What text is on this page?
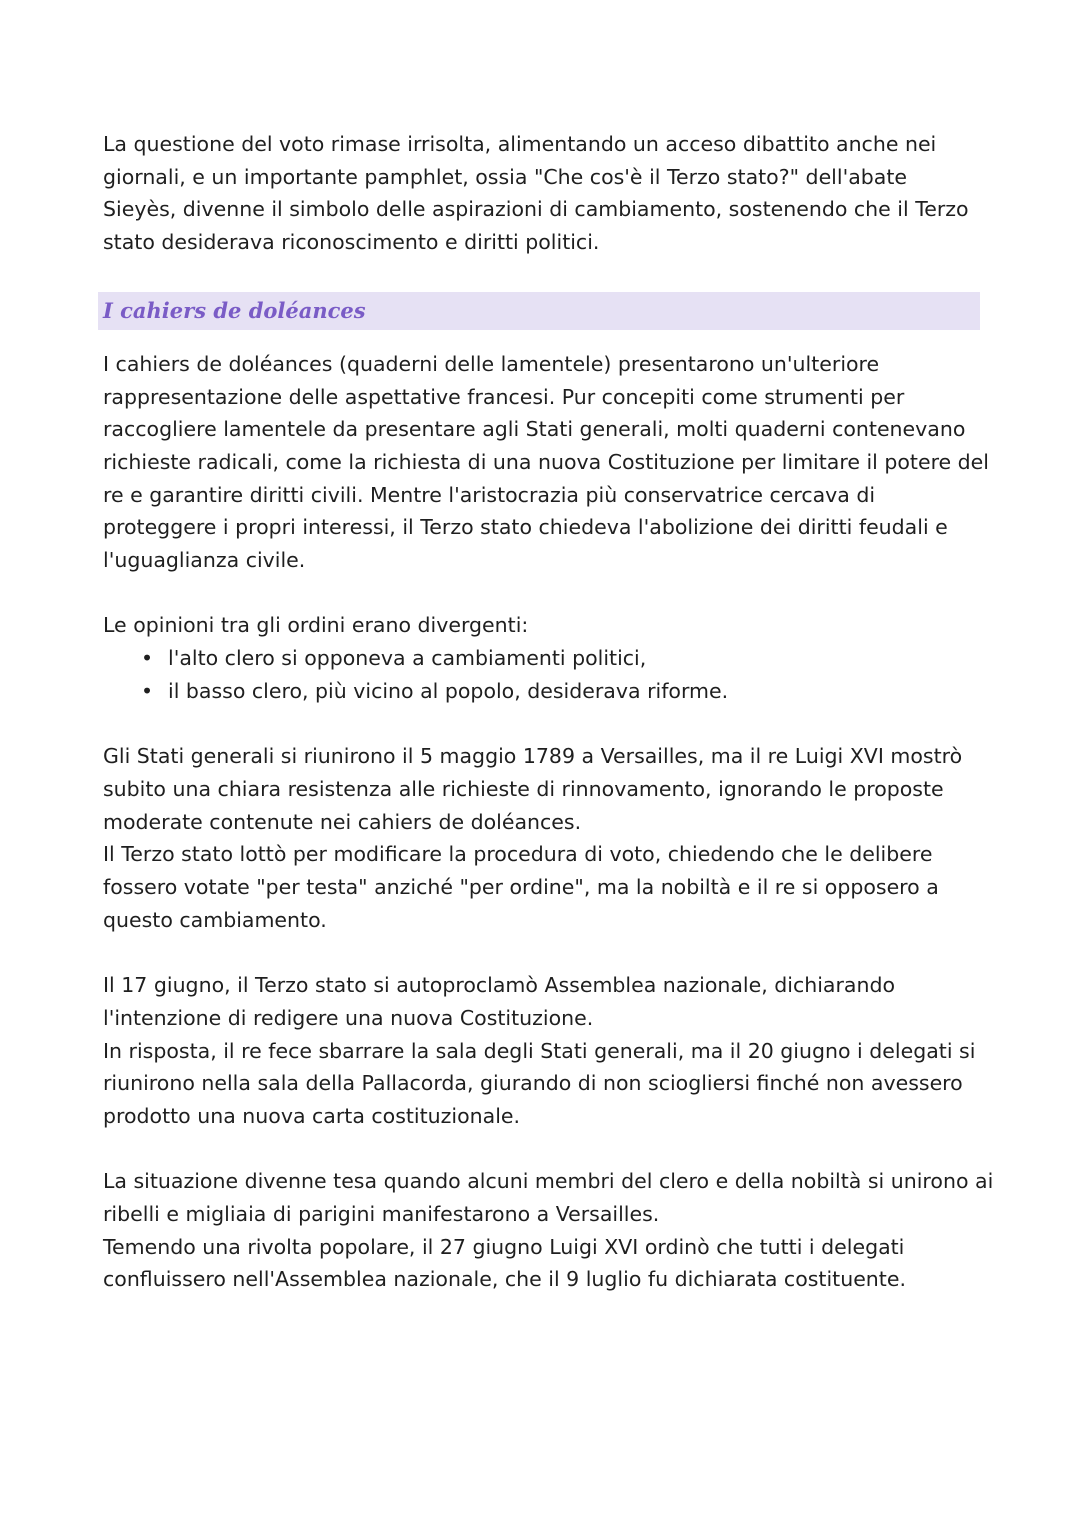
I cahiers de doléances

La questione del voto rimase irrisolta, alimentando un acceso dibattito anche nei
giornali, e un importante pamphlet, ossia "Che cos'è il Terzo stato?" dell'abate
Sieyès, divenne il simbolo delle aspirazioni di cambiamento, sostenendo che il Terzo
stato desiderava riconoscimento e diritti politici.

I cahiers de doléances (quaderni delle lamentele) presentarono un'ulteriore
rappresentazione delle aspettative francesi. Pur concepiti come strumenti per
raccogliere lamentele da presentare agli Stati generali, molti quaderni contenevano
richieste radicali, come la richiesta di una nuova Costituzione per limitare il potere del
re e garantire diritti civili. Mentre l'aristocrazia più conservatrice cercava di
proteggere i propri interessi, il Terzo stato chiedeva l'abolizione dei diritti feudali e
l'uguaglianza civile.

Le opinioni tra gli ordini erano divergenti:

• l'alto clero si opponeva a cambiamenti politici,
• il basso clero, più vicino al popolo, desiderava riforme.

Gli Stati generali si riunirono il 5 maggio 1789 a Versailles, ma il re Luigi XVI mostrò
subito una chiara resistenza alle richieste di rinnovamento, ignorando le proposte
moderate contenute nei cahiers de doléances.
Il Terzo stato lottò per modificare la procedura di voto, chiedendo che le delibere
fossero votate "per testa" anziché "per ordine", ma la nobiltà e il re si opposero a
questo cambiamento.

Il 17 giugno, il Terzo stato si autoproclamò Assemblea nazionale, dichiarando
l'intenzione di redigere una nuova Costituzione.
In risposta, il re fece sbarrare la sala degli Stati generali, ma il 20 giugno i delegati si
riunirono nella sala della Pallacorda, giurando di non sciogliersi finché non avessero
prodotto una nuova carta costituzionale.

La situazione divenne tesa quando alcuni membri del clero e della nobiltà si unirono ai
ribelli e migliaia di parigini manifestarono a Versailles.
Temendo una rivolta popolare, il 27 giugno Luigi XVI ordinò che tutti i delegati
confluissero nell'Assemblea nazionale, che il 9 luglio fu dichiarata costituente.
